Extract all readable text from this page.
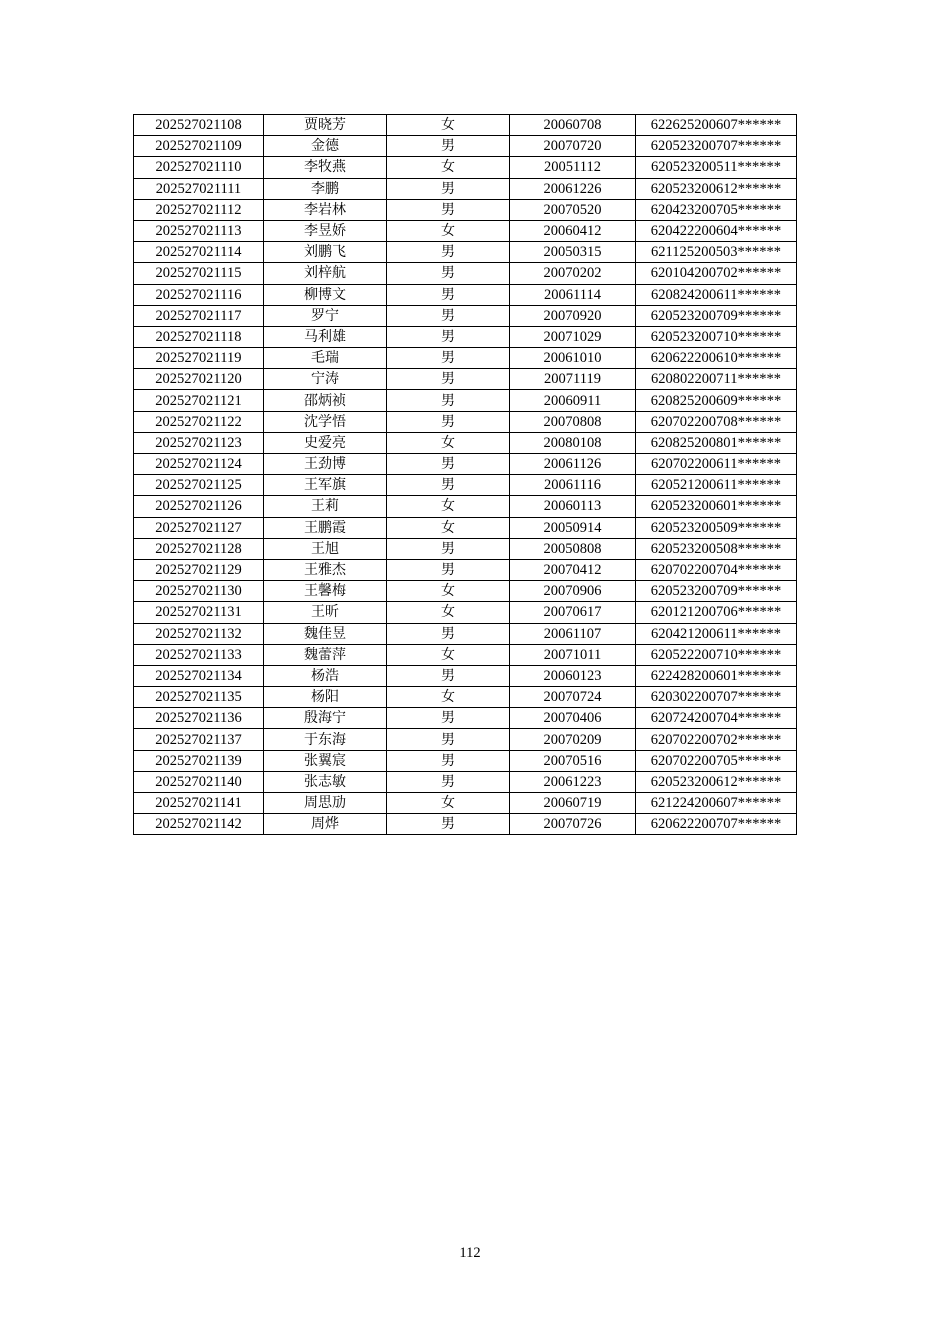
202527021108	贾晓芳	女	20060708	622625200607******
202527021109	金德	男	20070720	620523200707******
202527021110	李牧燕	女	20051112	620523200511******
202527021111	李鹏	男	20061226	620523200612******
202527021112	李岩林	男	20070520	620423200705******
202527021113	李昱娇	女	20060412	620422200604******
202527021114	刘鹏飞	男	20050315	621125200503******
202527021115	刘梓航	男	20070202	620104200702******
202527021116	柳博文	男	20061114	620824200611******
202527021117	罗宁	男	20070920	620523200709******
202527021118	马利雄	男	20071029	620523200710******
202527021119	毛瑞	男	20061010	620622200610******
202527021120	宁涛	男	20071119	620802200711******
202527021121	邵炳祯	男	20060911	620825200609******
202527021122	沈学悟	男	20070808	620702200708******
202527021123	史爱亮	女	20080108	620825200801******
202527021124	王劲博	男	20061126	620702200611******
202527021125	王军旗	男	20061116	620521200611******
202527021126	王莉	女	20060113	620523200601******
202527021127	王鹏霞	女	20050914	620523200509******
202527021128	王旭	男	20050808	620523200508******
202527021129	王雅杰	男	20070412	620702200704******
202527021130	王馨梅	女	20070906	620523200709******
202527021131	王昕	女	20070617	620121200706******
202527021132	魏佳昱	男	20061107	620421200611******
202527021133	魏蕾萍	女	20071011	620522200710******
202527021134	杨浩	男	20060123	622428200601******
202527021135	杨阳	女	20070724	620302200707******
202527021136	殷海宁	男	20070406	620724200704******
202527021137	于东海	男	20070209	620702200702******
202527021139	张翼宸	男	20070516	620702200705******
202527021140	张志敏	男	20061223	620523200612******
202527021141	周思劢	女	20060719	621224200607******
202527021142	周烨	男	20070726	620622200707******
112
